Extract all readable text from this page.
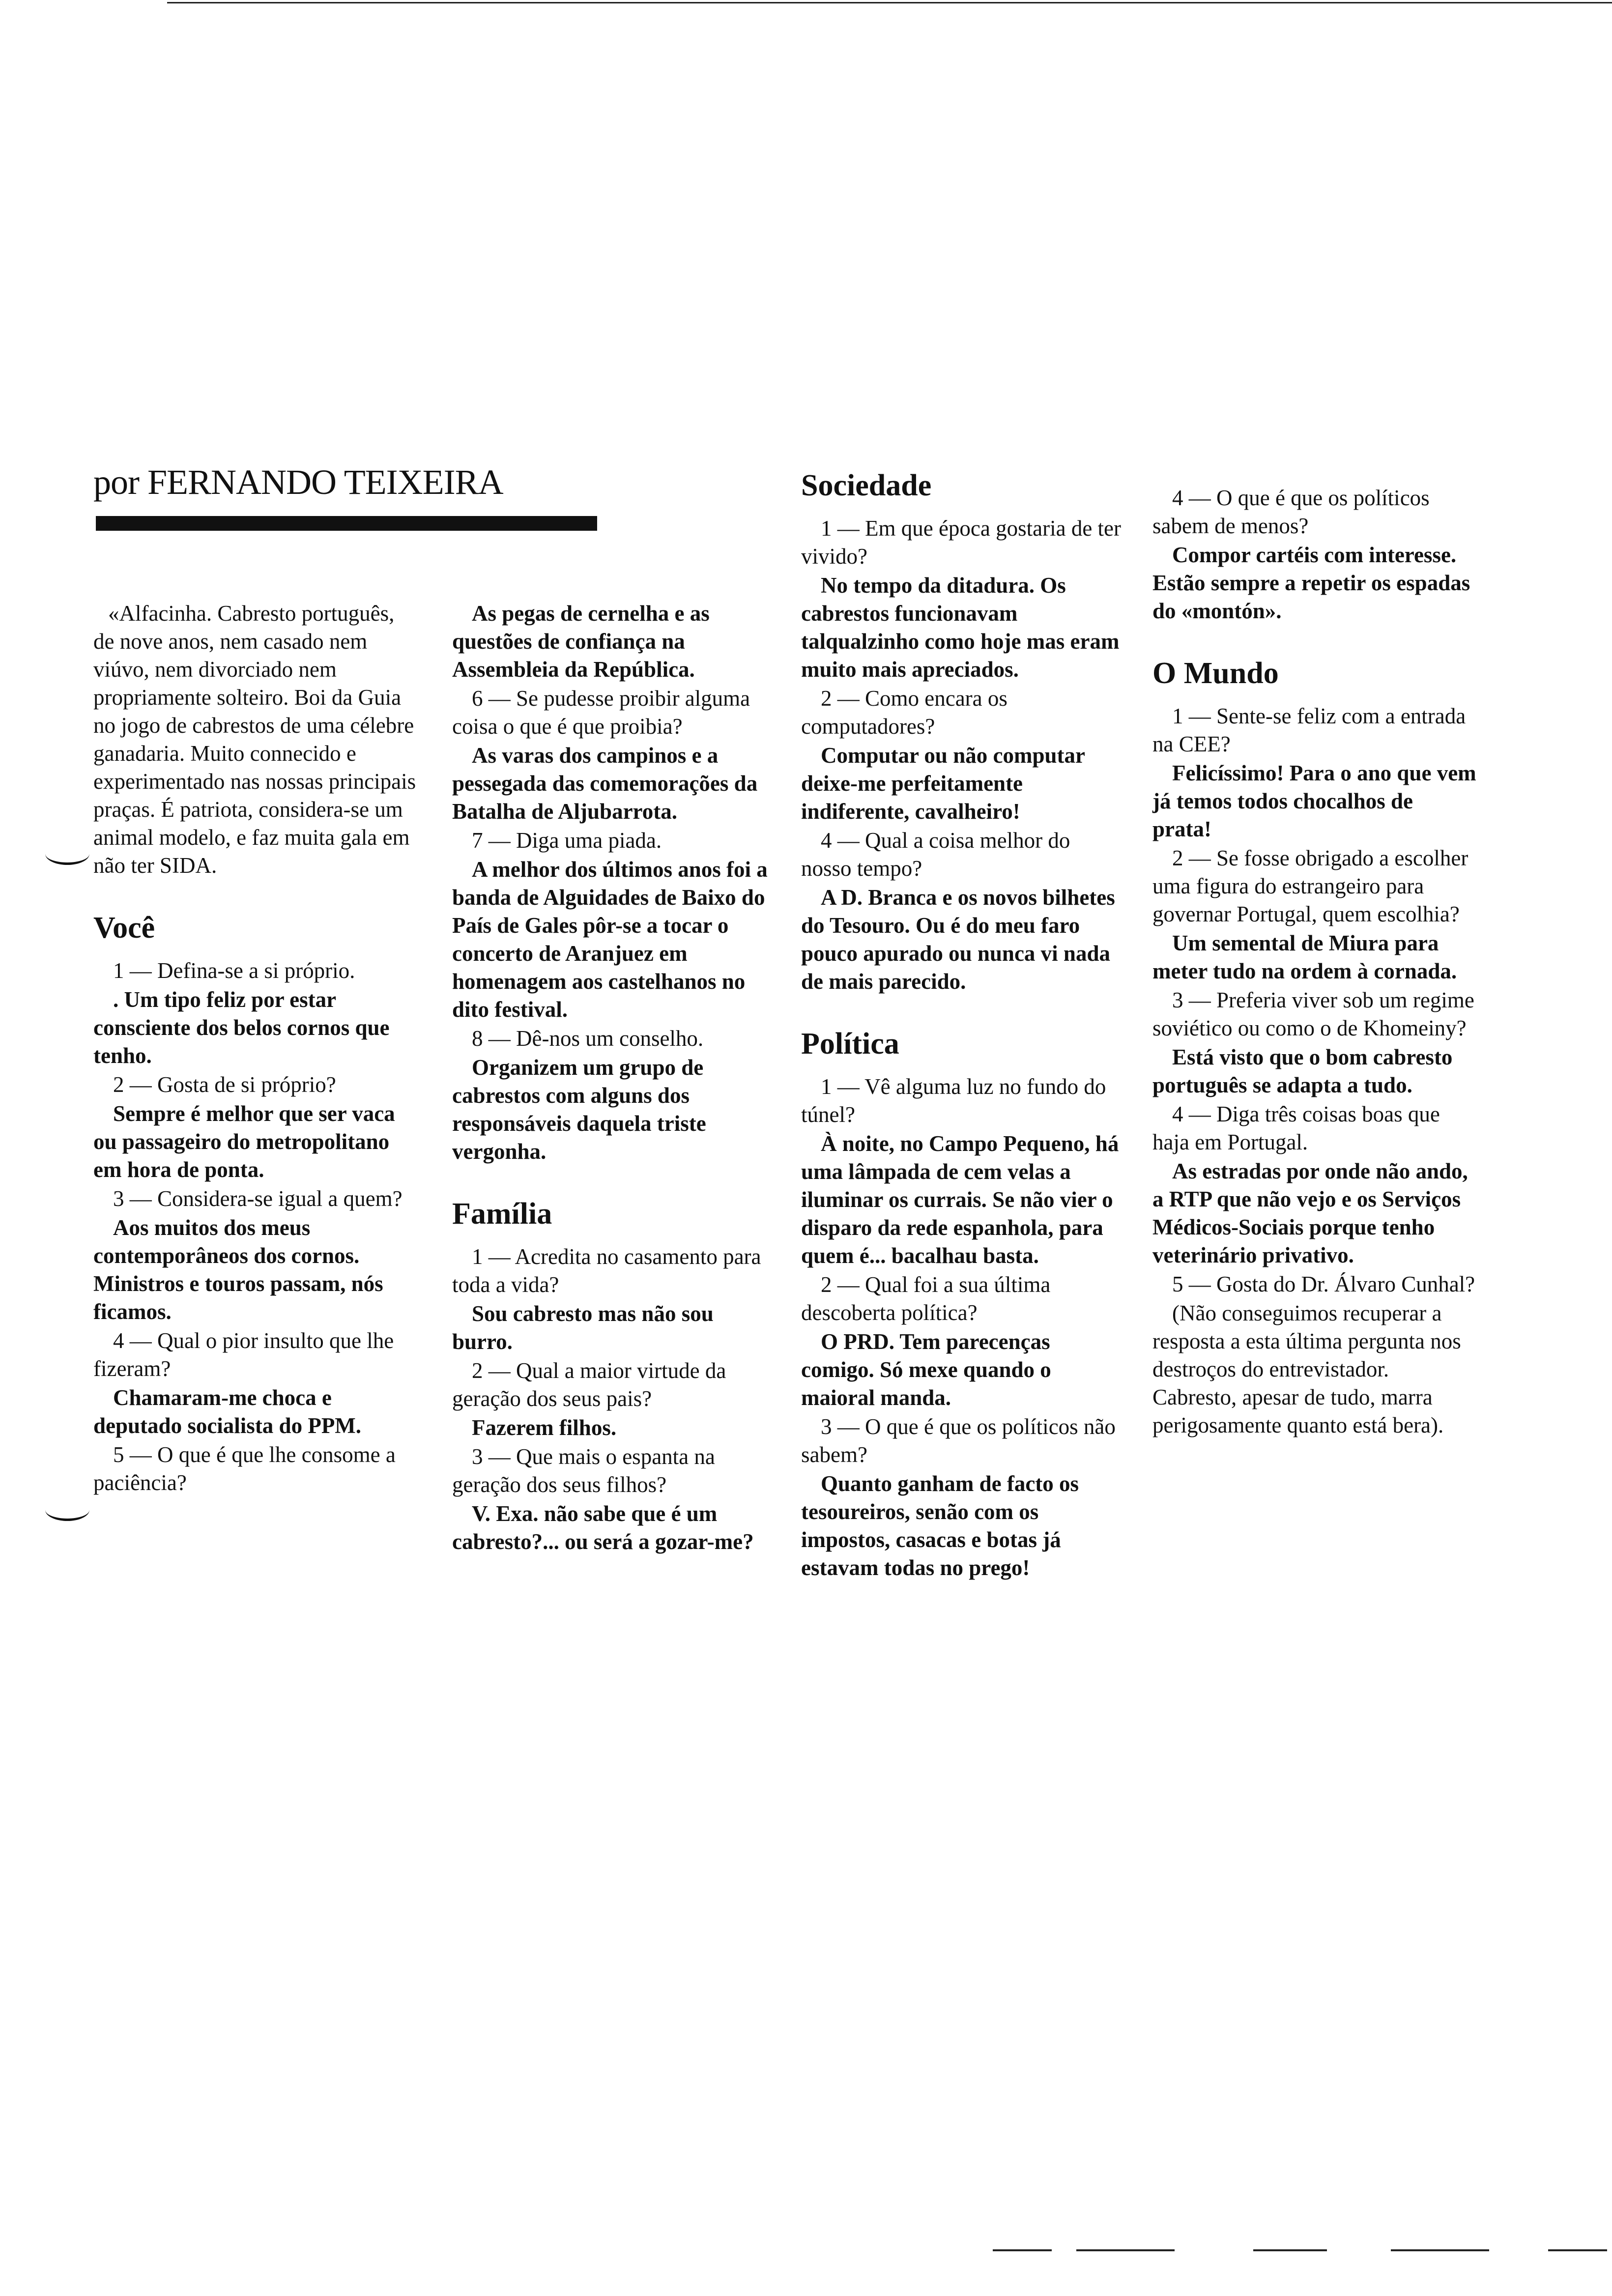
por FERNANDO TEIXEIRA

«Alfacinha. Cabresto português, de nove anos, nem casado nem viúvo, nem divorciado nem propriamente solteiro. Boi da Guia no jogo de cabrestos de uma célebre ganadaria. Muito connecido e experimentado nas nossas principais praças. É patriota, considera-se um animal modelo, e faz muita gala em não ter SIDA.

Você

1 — Defina-se a si próprio.

. Um tipo feliz por estar consciente dos belos cornos que tenho.

2 — Gosta de si próprio?

Sempre é melhor que ser vaca ou passageiro do metropolitano em hora de ponta.

3 — Considera-se igual a quem?

Aos muitos dos meus contemporâneos dos cornos. Ministros e touros passam, nós ficamos.

4 — Qual o pior insulto que lhe fizeram?

Chamaram-me choca e deputado socialista do PPM.

5 — O que é que lhe consome a paciência?

As pegas de cernelha e as questões de confiança na Assembleia da República.

6 — Se pudesse proibir alguma coisa o que é que proibia?

As varas dos campinos e a pessegada das comemorações da Batalha de Aljubarrota.

7 — Diga uma piada.

A melhor dos últimos anos foi a banda de Alguidades de Baixo do País de Gales pôr-se a tocar o concerto de Aranjuez em homenagem aos castelhanos no dito festival.

8 — Dê-nos um conselho.

Organizem um grupo de cabrestos com alguns dos responsáveis daquela triste vergonha.

Família

1 — Acredita no casamento para toda a vida?

Sou cabresto mas não sou burro.

2 — Qual a maior virtude da geração dos seus pais?

Fazerem filhos.

3 — Que mais o espanta na geração dos seus filhos?

V. Exa. não sabe que é um cabresto?... ou será a gozar-me?

Sociedade

1 — Em que época gostaria de ter vivido?

No tempo da ditadura. Os cabrestos funcionavam talqualzinho como hoje mas eram muito mais apreciados.

2 — Como encara os computadores?

Computar ou não computar deixe-me perfeitamente indiferente, cavalheiro!

4 — Qual a coisa melhor do nosso tempo?

A D. Branca e os novos bilhetes do Tesouro. Ou é do meu faro pouco apurado ou nunca vi nada de mais parecido.

Política

1 — Vê alguma luz no fundo do túnel?

À noite, no Campo Pequeno, há uma lâmpada de cem velas a iluminar os currais. Se não vier o disparo da rede espanhola, para quem é... bacalhau basta.

2 — Qual foi a sua última descoberta política?

O PRD. Tem parecenças comigo. Só mexe quando o maioral manda.

3 — O que é que os políticos não sabem?

Quanto ganham de facto os tesoureiros, senão com os impostos, casacas e botas já estavam todas no prego!

4 — O que é que os políticos sabem de menos?

Compor cartéis com interesse. Estão sempre a repetir os espadas do «montón».

O Mundo

1 — Sente-se feliz com a entrada na CEE?

Felicíssimo! Para o ano que vem já temos todos chocalhos de prata!

2 — Se fosse obrigado a escolher uma figura do estrangeiro para governar Portugal, quem escolhia?

Um semental de Miura para meter tudo na ordem à cornada.

3 — Preferia viver sob um regime soviético ou como o de Khomeiny?

Está visto que o bom cabresto português se adapta a tudo.

4 — Diga três coisas boas que haja em Portugal.

As estradas por onde não ando, a RTP que não vejo e os Serviços Médicos-Sociais porque tenho veterinário privativo.

5 — Gosta do Dr. Álvaro Cunhal?

(Não conseguimos recuperar a resposta a esta última pergunta nos destroços do entrevistador. Cabresto, apesar de tudo, marra perigosamente quanto está bera).
